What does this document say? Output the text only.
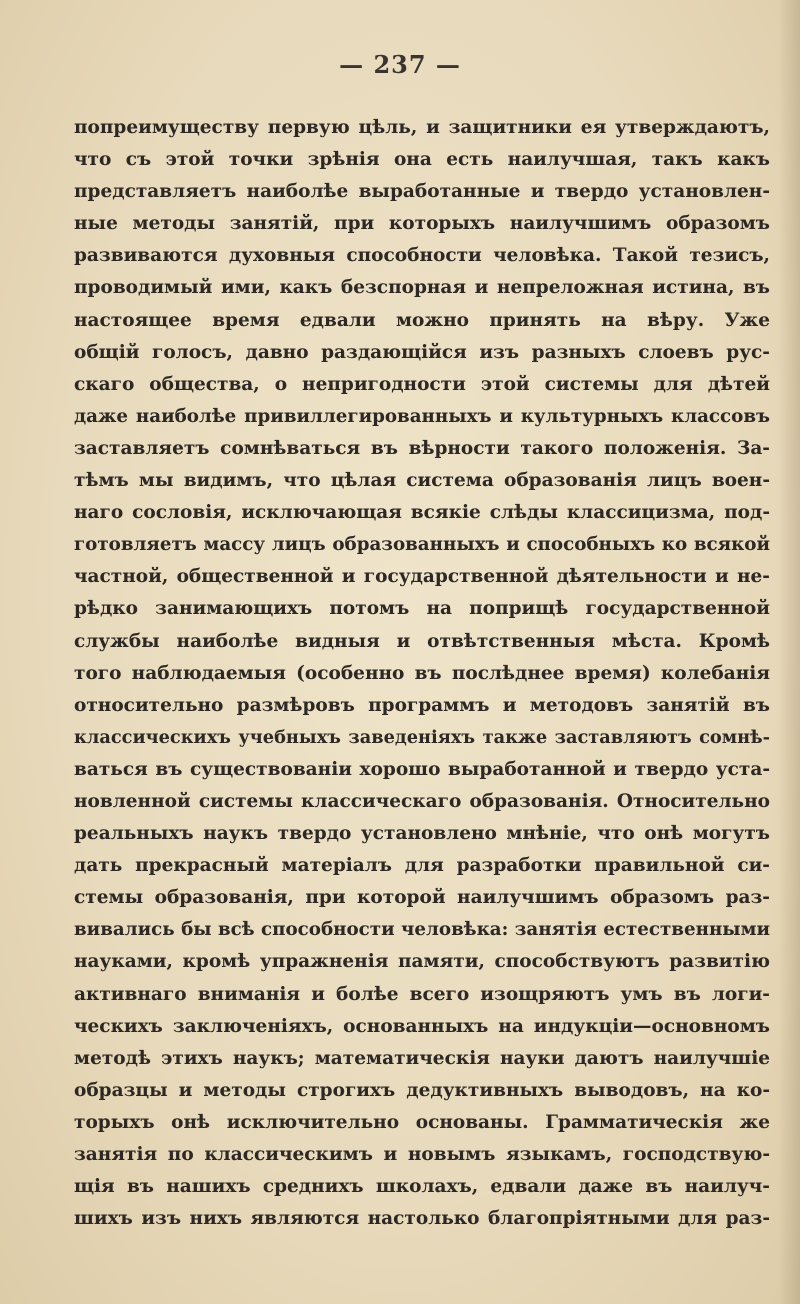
— 237 —

попреимуществу первую цѣль, и защитники ея утверждаютъ,
что съ этой точки зрѣнія она есть наилучшая, такъ какъ
представляетъ наиболѣе выработанные и твердо установлен-
ные методы занятій, при которыхъ наилучшимъ образомъ
развиваются духовныя способности человѣка. Такой тезисъ,
проводимый ими, какъ безспорная и непреложная истина, въ
настоящее время едвали можно принять на вѣру. Уже
общій голосъ, давно раздающійся изъ разныхъ слоевъ рус-
скаго общества, о непригодности этой системы для дѣтей
даже наиболѣе привиллегированныхъ и культурныхъ классовъ
заставляетъ сомнѣваться въ вѣрности такого положенія. За-
тѣмъ мы видимъ, что цѣлая система образованія лицъ воен-
наго сословія, исключающая всякіе слѣды классицизма, под-
готовляетъ массу лицъ образованныхъ и способныхъ ко всякой
частной, общественной и государственной дѣятельности и не-
рѣдко занимающихъ потомъ на поприщѣ государственной
службы наиболѣе видныя и отвѣтственныя мѣста. Кромѣ
того наблюдаемыя (особенно въ послѣднее время) колебанія
относительно размѣровъ программъ и методовъ занятій въ
классическихъ учебныхъ заведеніяхъ также заставляютъ сомнѣ-
ваться въ существованіи хорошо выработанной и твердо уста-
новленной системы классическаго образованія. Относительно
реальныхъ наукъ твердо установлено мнѣніе, что онѣ могутъ
дать прекрасный матеріалъ для разработки правильной си-
стемы образованія, при которой наилучшимъ образомъ раз-
вивались бы всѣ способности человѣка: занятія естественными
науками, кромѣ упражненія памяти, способствуютъ развитію
активнаго вниманія и болѣе всего изощряютъ умъ въ логи-
ческихъ заключеніяхъ, основанныхъ на индукціи—основномъ
методѣ этихъ наукъ; математическія науки даютъ наилучшіе
образцы и методы строгихъ дедуктивныхъ выводовъ, на ко-
торыхъ онѣ исключительно основаны. Грамматическія же
занятія по классическимъ и новымъ языкамъ, господствую-
щія въ нашихъ среднихъ школахъ, едвали даже въ наилуч-
шихъ изъ нихъ являются настолько благопріятными для раз-
